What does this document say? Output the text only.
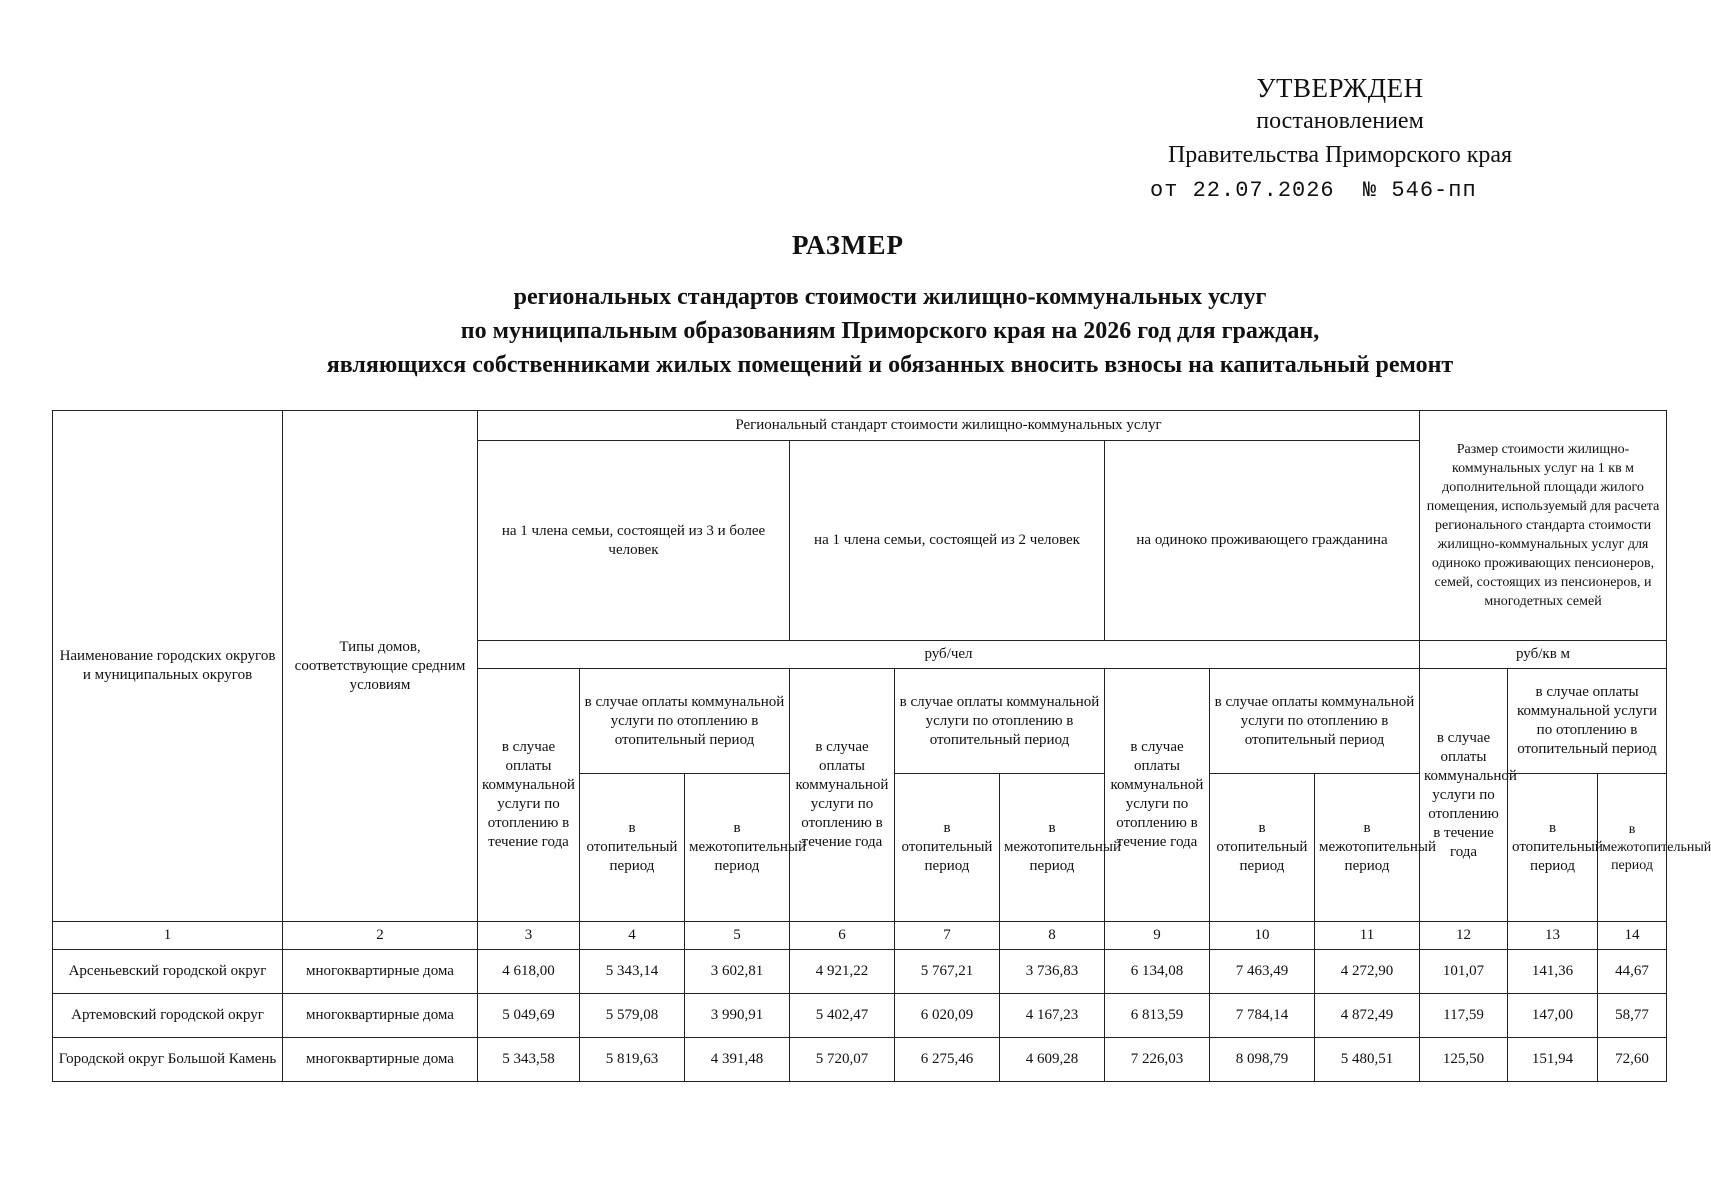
УТВЕРЖДЕН
постановлением
Правительства Приморского края
от 22.07.2026  № 546-пп
РАЗМЕР
региональных стандартов стоимости жилищно-коммунальных услуг
по муниципальным образованиям Приморского края на 2026 год для граждан,
являющихся собственниками жилых помещений и обязанных вносить взносы на капитальный ремонт
Наименование городских округов и муниципальных округов	Типы домов, соответствующие средним условиям	Региональный стандарт стоимости жилищно-коммунальных услуг									Размер стоимости жилищно-коммунальных услуг на 1 кв м дополнительной площади жилого помещения, используемый для расчета регионального стандарта стоимости жилищно-коммунальных услуг для одиноко проживающих пенсионеров, семей, состоящих из пенсионеров, и многодетных семей		
		на 1 члена семьи, состоящей из 3 и более человек			на 1 члена семьи, состоящей из 2 человек			на одиноко проживающего гражданина					
		руб/чел									руб/кв м		
		в случае оплаты коммунальной услуги по отоплению в течение года	в случае оплаты коммунальной услуги по отоплению в отопительный период		в случае оплаты коммунальной услуги по отоплению в течение года	в случае оплаты коммунальной услуги по отоплению в отопительный период		в случае оплаты коммунальной услуги по отоплению в течение года	в случае оплаты коммунальной услуги по отоплению в отопительный период		в случае оплаты коммунальной услуги по отоплению в течение года	в случае оплаты коммунальной услуги по отоплению в отопительный период	
			в отопительный период	в межотопительный период		в отопительный период	в межотопительный период		в отопительный период	в межотопительный период		в отопительный период	в межотопительный период

1	2	3	4	5	6	7	8	9	10	11	12	13	14
Арсеньевский городской округ	многоквартирные дома	4 618,00	5 343,14	3 602,81	4 921,22	5 767,21	3 736,83	6 134,08	7 463,49	4 272,90	101,07	141,36	44,67
Артемовский городской округ	многоквартирные дома	5 049,69	5 579,08	3 990,91	5 402,47	6 020,09	4 167,23	6 813,59	7 784,14	4 872,49	117,59	147,00	58,77
Городской округ Большой Камень	многоквартирные дома	5 343,58	5 819,63	4 391,48	5 720,07	6 275,46	4 609,28	7 226,03	8 098,79	5 480,51	125,50	151,94	72,60
